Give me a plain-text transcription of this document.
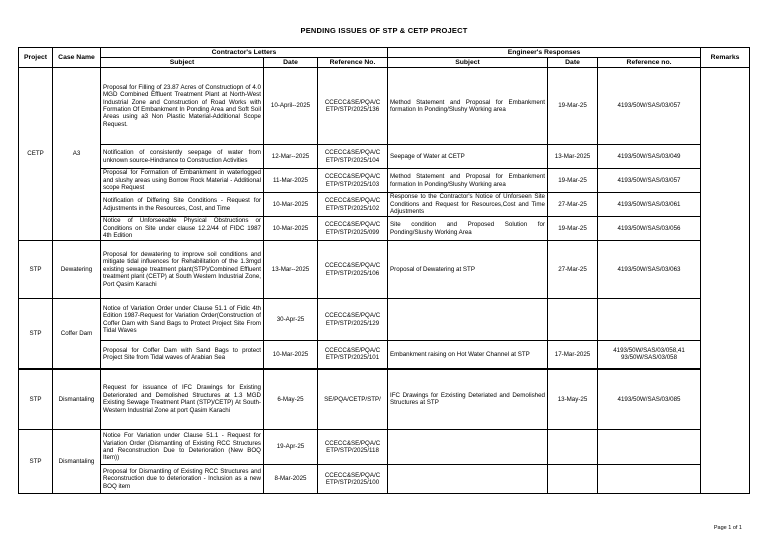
PENDING ISSUES OF STP & CETP PROJECT
Project	Case Name	Contractor's Letters			Engineer's Responses			Remarks
		Subject	Date	Reference No.	Subject	Date	Reference no.	
CETP	A3	Proposal for Filling of 23.87 Acres of Constructiopn of 4.0 MGD Combined Effluent Treatment Plant at North-West Industrial Zone and Construction of Road Works with Formation Of Embankment In Ponding Area and Soft Soil Areas using a3 Non Plastic Material-Additional Scope Request.	10-April--2025	CCECC&SE/PQA/C ETP/STP/2025/136	Method Statement and Proposal for Embankment formation In Ponding/Slushy Working area	19-Mar-25	4193/50W/SAS/03/057	
		Notification of consistently seepage of water from unknown source-Hindrance to Construction Activities	12-Mar--2025	CCECC&SE/PQA/C ETP/STP/2025/104	Seepage of Water at CETP	13-Mar-2025	4193/50W/SAS/03/049	
		Proposal for Formation of Embankment in waterlogged and slushy areas using Borrow Rock Material - Additional scope Request	11-Mar-2025	CCECC&SE/PQA/C ETP/STP/2025/103	Method Statement and Proposal for Embankment formation In Ponding/Slushy Working area	19-Mar-25	4193/50W/SAS/03/057	
		Notification of Differing Site Conditions - Request for Adjustments in the Resources, Cost, and Time	10-Mar-2025	CCECC&SE/PQA/C ETP/STP/2025/102	Response to the Contractor's Notice of Unforseen Site Conditions and Request for Resources,Cost and Time Adjustments	27-Mar-25	4193/50W/SAS/03/061	
		Notice of Unforseeable Physical Obstructions or Conditions on Site under clause 12.2/44 of FIDC 1987 4th Edition	10-Mar-2025	CCECC&SE/PQA/C ETP/STP/2025/099	Site condition and Proposed Solution for Ponding/Slushy Working Area	19-Mar-25	4193/50W/SAS/03/056	
STP	Dewatering	Proposal for dewatering to improve soil conditions and mitigate tidal influences for Rehabilitation of the 1.3mgd existing sewage treatment plant(STP)/Combined Effluent treatment plant (CETP) at South Western Industrial Zone, Port Qasim Karachi	13-Mar--2025	CCECC&SE/PQA/C ETP/STP/2025/106	Proposal of Dewatering at STP	27-Mar-25	4193/50W/SAS/03/063	
STP	Coffer Dam	Notice of Variation Order under Clause 51.1 of Fidic 4th Edition 1987-Request for Variation Order(Construction of Coffer Dam with Sand Bags to Protect Project Site From Tidal Waves	30-Apr-25	CCECC&SE/PQA/C ETP/STP/2025/129				
		Proposal for Coffer Dam with Sand Bags to protect Project Site from Tidal waves of Arabian Sea	10-Mar-2025	CCECC&SE/PQA/C ETP/STP/2025/101	Embankment raising on Hot Water Channel at STP	17-Mar-2025	4193/50W/SAS/03/058,41 93/50W/SAS/03/058	
STP	Dismantaling	Request for issuance of IFC Drawings for Existing Deteriorated and Demolished Structures at 1.3 MGD Existing Sewage Treatment Plant (STP)/CETP) At South-Western Industrial Zone at port Qasim Karachi	6-May-25	SE/PQA/CETP/STP/	IFC Drawings for Ezxisting Deteriated and Demolished Structures at STP	13-May-25	4193/50W/SAS/03/085	
STP	Dismantaling	Notice For Variation under Clause 51.1 - Request for Variation Order (Dismantling of Existing RCC Structures and Reconstruction Due to Deterioration (New BOQ Item))	19-Apr-25	CCECC&SE/PQA/C ETP/STP/2025/118				
		Proposal for Dismantling of Existing RCC Structures and Reconstruction due to deterioration - Inclusion as a new BOQ item	8-Mar-2025	CCECC&SE/PQA/C ETP/STP/2025/100				
Page 1 of 1
